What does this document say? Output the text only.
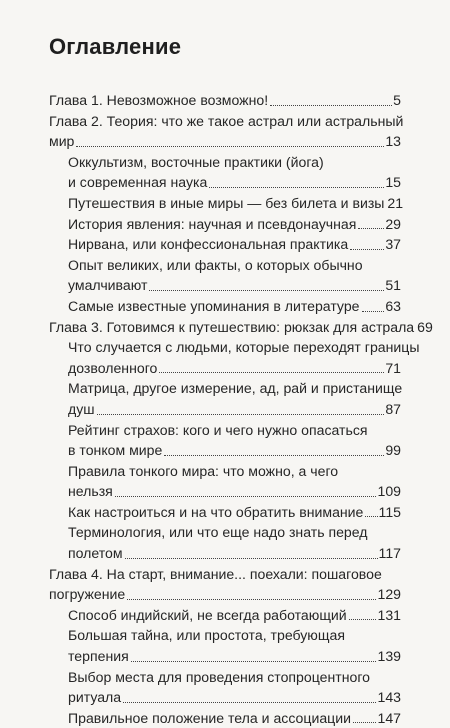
Оглавление
Глава 1. Невозможное возможно!	5
Глава 2. Теория: что же такое астрал или астральный
мир	13
Оккультизм, восточные практики (йога)
и современная наука	15
Путешествия в иные миры — без билета и визы 21
История явления: научная и псевдонаучная 29
Нирвана, или конфессиональная практика	37
Опыт великих, или факты, о которых обычно
умалчивают	51
Самые известные упоминания в литературе 63
Глава 3. Готовимся к путешествию: рюкзак для астрала 69
Что случается с людьми, которые переходят границы
дозволенного	71
Матрица, другое измерение, ад, рай и пристанище
душ	87
Рейтинг страхов: кого и чего нужно опасаться
в тонком мире	99
Правила тонкого мира: что можно, а чего
нельзя	109
Как настроиться и на что обратить внимание 115
Терминология, или что еще надо знать перед
полетом	117
Глава 4. На старт, внимание... поехали: пошаговое
погружение	129
Способ индийский, не всегда работающий 131
Большая тайна, или простота, требующая
терпения	139
Выбор места для проведения стопроцентного
ритуала	143
Правильное положение тела и ассоциации 147
